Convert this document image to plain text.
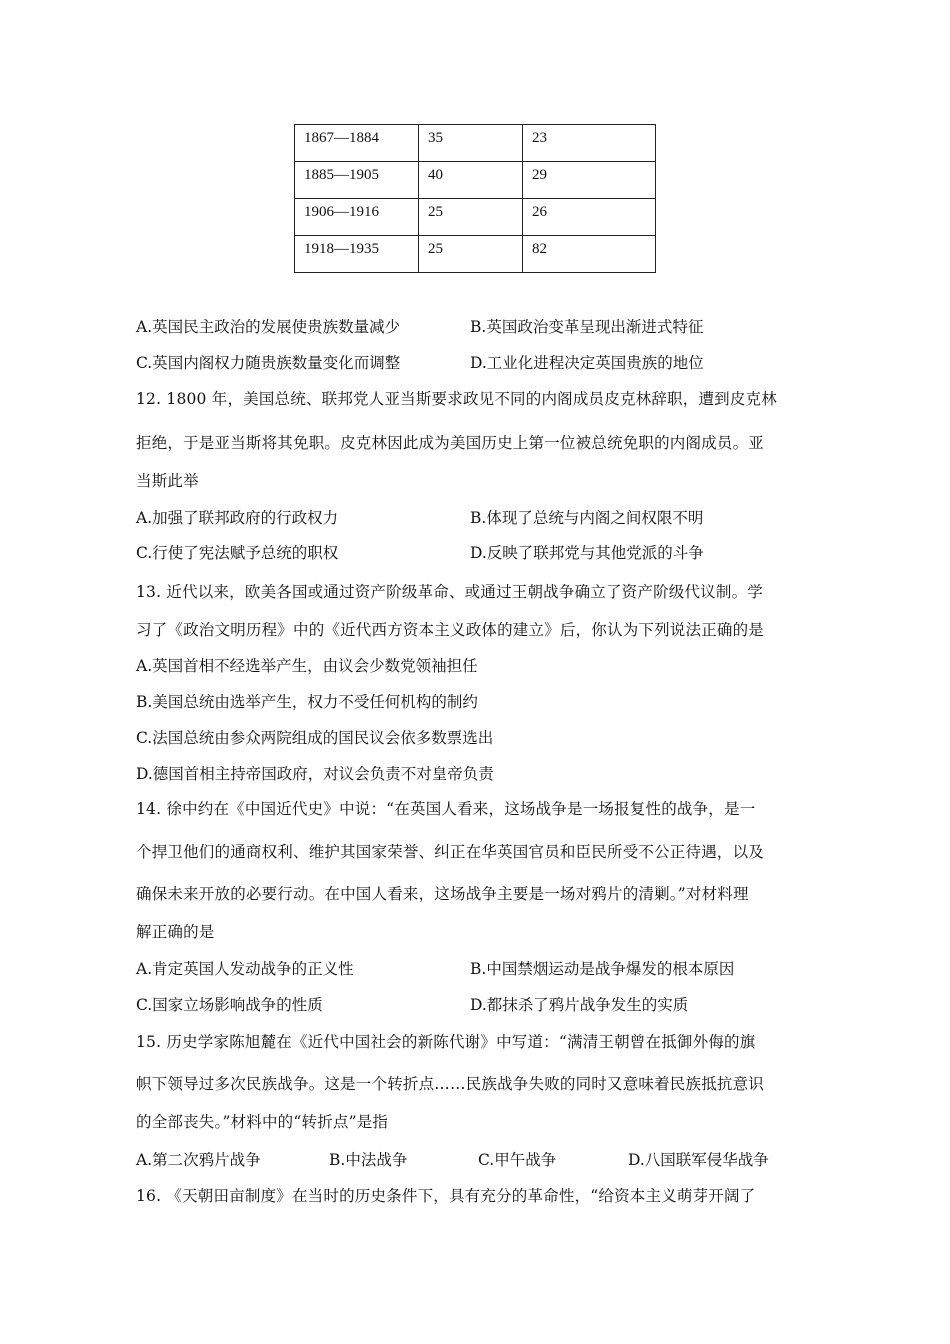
1867—1884	35	23
1885—1905	40	29
1906—1916	25	26
1918—1935	25	82
A.英国民主政治的发展使贵族数量减少	B.英国政治变革呈现出渐进式特征
C.英国内阁权力随贵族数量变化而调整	D.工业化进程决定英国贵族的地位
12. 1800 年，美国总统、联邦党人亚当斯要求政见不同的内阁成员皮克林辞职，遭到皮克林
拒绝，于是亚当斯将其免职。皮克林因此成为美国历史上第一位被总统免职的内阁成员。亚
当斯此举
A.加强了联邦政府的行政权力	B.体现了总统与内阁之间权限不明
C.行使了宪法赋予总统的职权	D.反映了联邦党与其他党派的斗争
13. 近代以来，欧美各国或通过资产阶级革命、或通过王朝战争确立了资产阶级代议制。学
习了《政治文明历程》中的《近代西方资本主义政体的建立》后，你认为下列说法正确的是
A.英国首相不经选举产生，由议会少数党领袖担任
B.美国总统由选举产生，权力不受任何机构的制约
C.法国总统由参众两院组成的国民议会依多数票选出
D.德国首相主持帝国政府，对议会负责不对皇帝负责
14. 徐中约在《中国近代史》中说：“在英国人看来，这场战争是一场报复性的战争，是一
个捍卫他们的通商权利、维护其国家荣誉、纠正在华英国官员和臣民所受不公正待遇，以及
确保未来开放的必要行动。在中国人看来，这场战争主要是一场对鸦片的清剿。”对材料理
解正确的是
A.肯定英国人发动战争的正义性	B.中国禁烟运动是战争爆发的根本原因
C.国家立场影响战争的性质	D.都抹杀了鸦片战争发生的实质
15. 历史学家陈旭麓在《近代中国社会的新陈代谢》中写道：“满清王朝曾在抵御外侮的旗
帜下领导过多次民族战争。这是一个转折点……民族战争失败的同时又意味着民族抵抗意识
的全部丧失。”材料中的“转折点”是指
A.第二次鸦片战争	B.中法战争	C.甲午战争	D.八国联军侵华战争
16. 《天朝田亩制度》在当时的历史条件下，具有充分的革命性，“给资本主义萌芽开阔了
